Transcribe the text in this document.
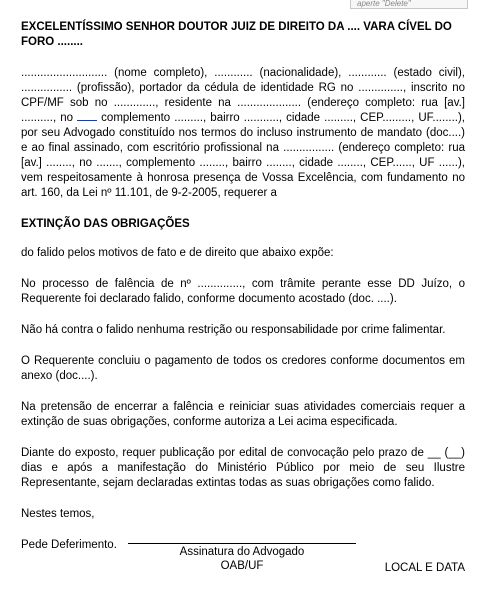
aperte "Delete"
EXCELENTÍSSIMO SENHOR DOUTOR JUIZ DE DIREITO DA .... VARA CÍVEL DO FORO ........
........................... (nome completo), ............ (nacionalidade), ............ (estado civil), ................ (profissão), portador da cédula de identidade RG no .............., inscrito no CPF/MF sob no ............., residente na .................... (endereço completo: rua [av.] .........., no complemento ........., bairro ..........., cidade ........., CEP........., UF........), por seu Advogado constituído nos termos do incluso instrumento de mandato (doc....) e ao final assinado, com escritório profissional na ................ (endereço completo: rua [av.] ........, no ......., complemento ........, bairro ........, cidade ........, CEP......, UF ......), vem respeitosamente à honrosa presença de Vossa Excelência, com fundamento no art. 160, da Lei nº 11.101, de 9-2-2005, requerer a
EXTINÇÃO DAS OBRIGAÇÕES
do falido pelos motivos de fato e de direito que abaixo expõe:
No processo de falência de nº .............., com trâmite perante esse DD Juízo, o Requerente foi declarado falido, conforme documento acostado (doc. ....).
Não há contra o falido nenhuma restrição ou responsabilidade por crime falimentar.
O Requerente concluiu o pagamento de todos os credores conforme documentos em anexo (doc....).
Na pretensão de encerrar a falência e reiniciar suas atividades comerciais requer a extinção de suas obrigações, conforme autoriza a Lei acima especificada.
Diante do exposto, requer publicação por edital de convocação pelo prazo de __ (__) dias e após a manifestação do Ministério Público por meio de seu Ilustre Representante, sejam declaradas extintas todas as suas obrigações como falido.
Nestes temos,
Pede Deferimento.
LOCAL E DATA
Assinatura do Advogado
OAB/UF
